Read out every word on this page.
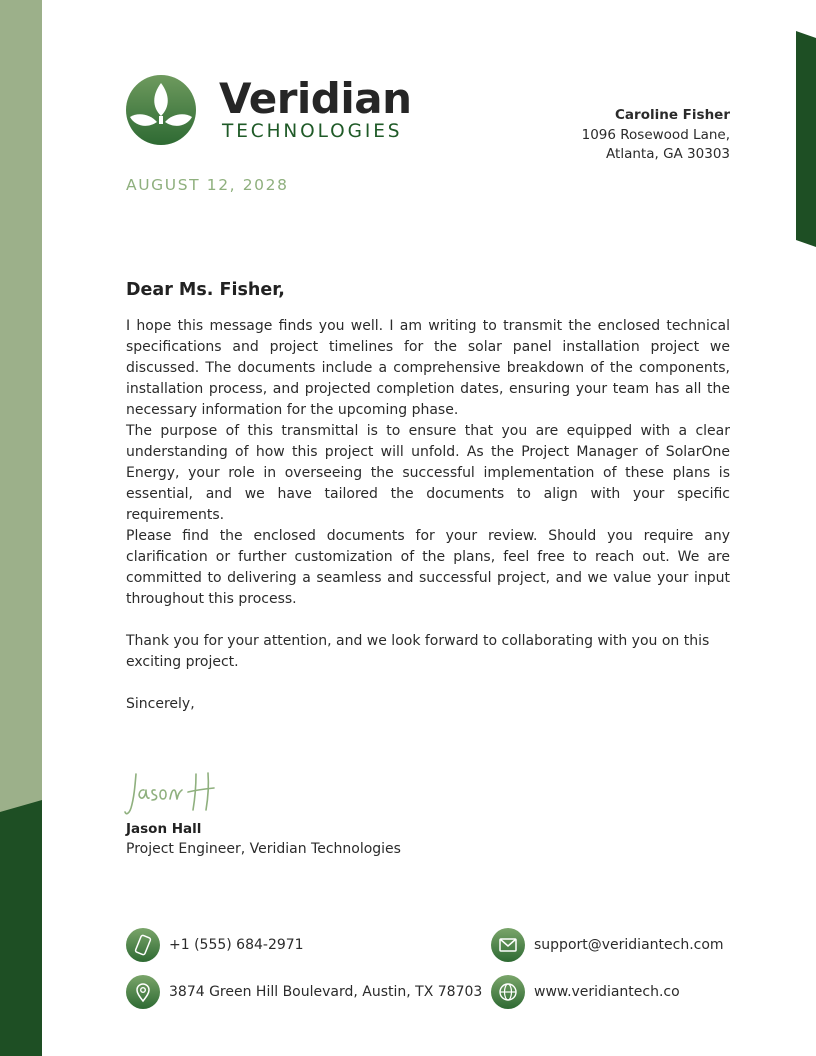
Veridian
TECHNOLOGIES
Caroline Fisher
1096 Rosewood Lane,
Atlanta, GA 30303
AUGUST 12, 2028
Dear Ms. Fisher,

I hope this message finds you well. I am writing to transmit the enclosed technical specifications and project timelines for the solar panel installation project we discussed. The documents include a comprehensive breakdown of the components, installation process, and projected completion dates, ensuring your team has all the necessary information for the upcoming phase.

The purpose of this transmittal is to ensure that you are equipped with a clear understanding of how this project will unfold. As the Project Manager of SolarOne Energy, your role in overseeing the successful implementation of these plans is essential, and we have tailored the documents to align with your specific requirements.

Please find the enclosed documents for your review. Should you require any clarification or further customization of the plans, feel free to reach out. We are committed to delivering a seamless and successful project, and we value your input throughout this process.

Thank you for your attention, and we look forward to collaborating with you on this exciting project.

Sincerely,

Jason Hall
Project Engineer, Veridian Technologies
+1 (555) 684-2971
3874 Green Hill Boulevard, Austin, TX 78703
support@veridiantech.com
www.veridiantech.co
